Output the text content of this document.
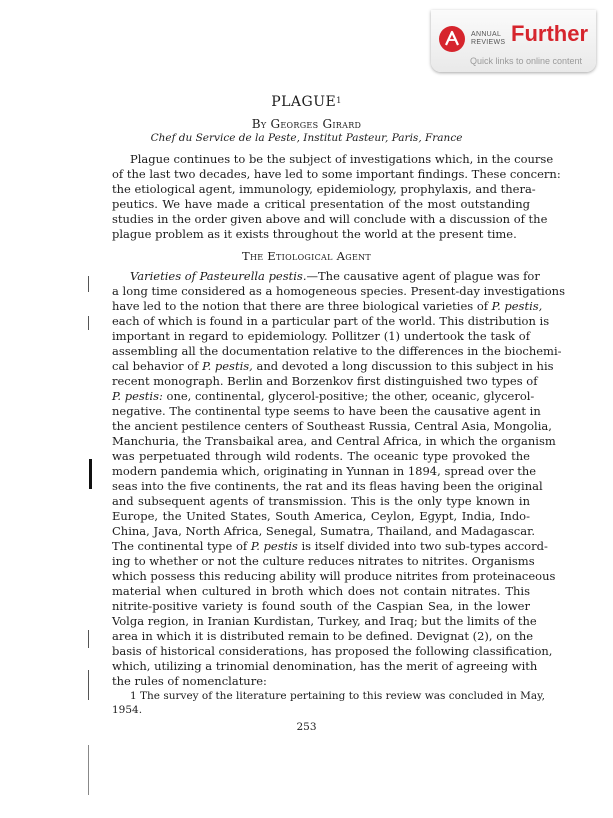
ANNUAL
REVIEWS Further
Quick links to online content
PLAGUE$^1$
By Georges Girard
Chef du Service de la Peste, Institut Pasteur, Paris, France
Plague continues to be the subject of investigations which, in the course
of the last two decades, have led to some important findings. These concern:
the etiological agent, immunology, epidemiology, prophylaxis, and thera-
peutics. We have made a critical presentation of the most outstanding
studies in the order given above and will conclude with a discussion of the
plague problem as it exists throughout the world at the present time.
The Etiological Agent
Varieties of Pasteurella pestis.—The causative agent of plague was for
a long time considered as a homogeneous species. Present-day investigations
have led to the notion that there are three biological varieties of P. pestis,
each of which is found in a particular part of the world. This distribution is
important in regard to epidemiology. Pollitzer (1) undertook the task of
assembling all the documentation relative to the differences in the biochemi-
cal behavior of P. pestis, and devoted a long discussion to this subject in his
recent monograph. Berlin and Borzenkov first distinguished two types of
P. pestis: one, continental, glycerol-positive; the other, oceanic, glycerol-
negative. The continental type seems to have been the causative agent in
the ancient pestilence centers of Southeast Russia, Central Asia, Mongolia,
Manchuria, the Transbaikal area, and Central Africa, in which the organism
was perpetuated through wild rodents. The oceanic type provoked the
modern pandemia which, originating in Yunnan in 1894, spread over the
seas into the five continents, the rat and its fleas having been the original
and subsequent agents of transmission. This is the only type known in
Europe, the United States, South America, Ceylon, Egypt, India, Indo-
China, Java, North Africa, Senegal, Sumatra, Thailand, and Madagascar.
The continental type of P. pestis is itself divided into two sub-types accord-
ing to whether or not the culture reduces nitrates to nitrites. Organisms
which possess this reducing ability will produce nitrites from proteinaceous
material when cultured in broth which does not contain nitrates. This
nitrite-positive variety is found south of the Caspian Sea, in the lower
Volga region, in Iranian Kurdistan, Turkey, and Iraq; but the limits of the
area in which it is distributed remain to be defined. Devignat (2), on the
basis of historical considerations, has proposed the following classification,
which, utilizing a trinomial denomination, has the merit of agreeing with
the rules of nomenclature:
1 The survey of the literature pertaining to this review was concluded in May,
1954.
253
